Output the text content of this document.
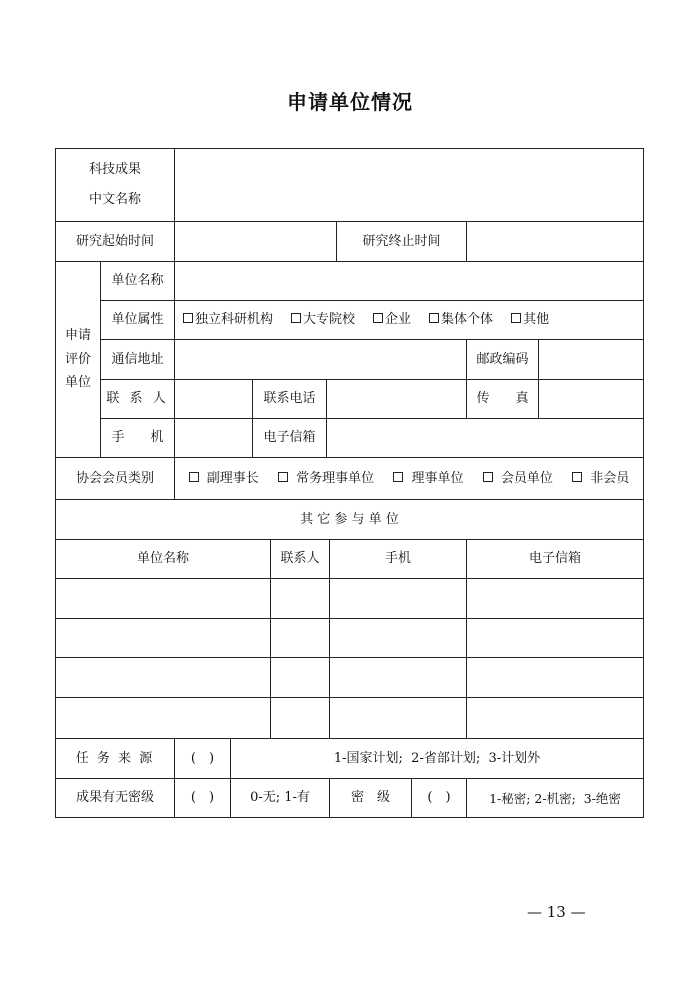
申请单位情况
科技成果
中文名称
研究起始时间	研究终止时间
申请
评价
单位
单位名称
单位属性	独立科研机构	大专院校	企业	集体个体	其他
通信地址	邮政编码
联 系 人	联系电话	传　　真
手　　机	电子信箱
协会会员类别	副理事长	常务理事单位	理事单位	会员单位	非会员
其 它 参 与 单 位
单位名称	联系人	手机	电子信箱
任 务 来 源	(　)	1-国家计划;  2-省部计划;  3-计划外
成果有无密级	(　)	0-无; 1-有	密　级	(　)	1-秘密; 2-机密;  3-绝密
— 13 —
